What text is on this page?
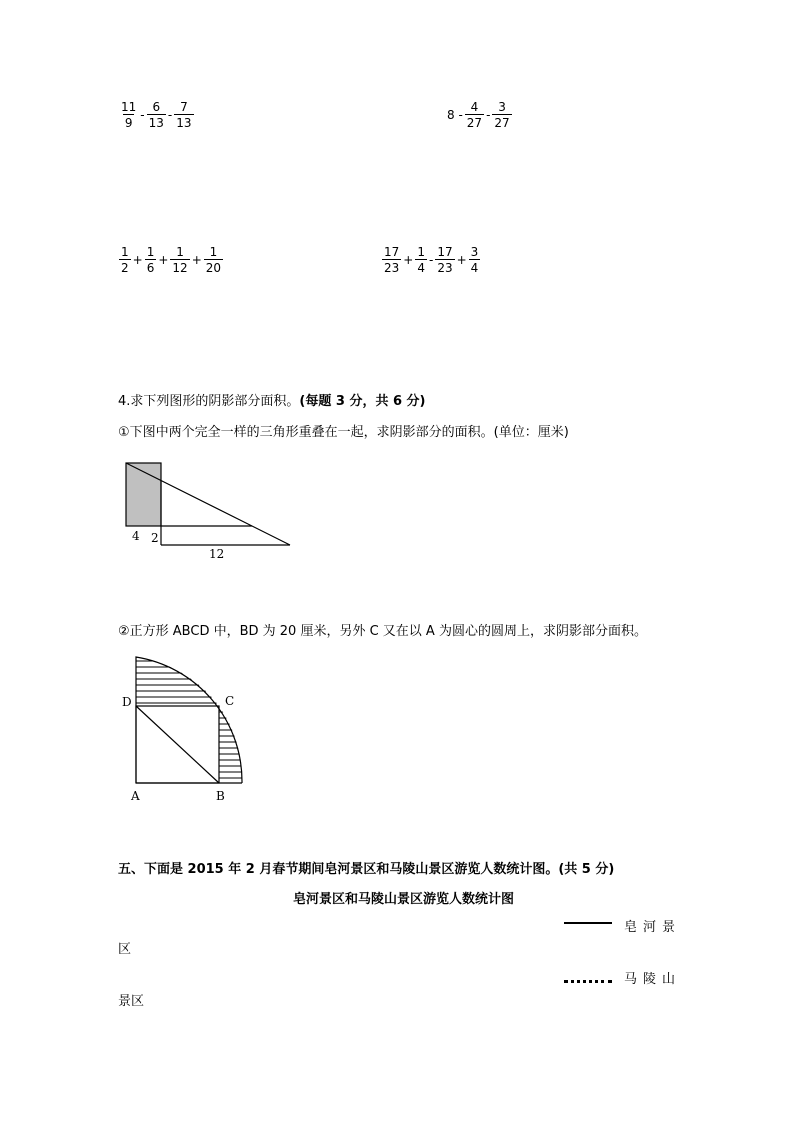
$\frac{11}{9} - \frac{6}{13} - \frac{7}{13}$	$8 - \frac{4}{27} - \frac{3}{27}$
$\frac{1}{2} + \frac{1}{6} + \frac{1}{12} + \frac{1}{20}$	$\frac{17}{23} + \frac{1}{4} - \frac{17}{23} + \frac{3}{4}$
4.求下列图形的阴影部分面积。(每题 3 分，共 6 分)
①下图中两个完全一样的三角形重叠在一起，求阴影部分的面积。(单位：厘米)
4 2
12
②正方形 ABCD 中，BD 为 20 厘米，另外 C 又在以 A 为圆心的圆周上，求阴影部分面积。
D	C
A	B
五、下面是 2015 年 2 月春节期间皂河景区和马陵山景区游览人数统计图。(共 5 分)
皂河景区和马陵山景区游览人数统计图
皂河景
区
马陵山
景区
